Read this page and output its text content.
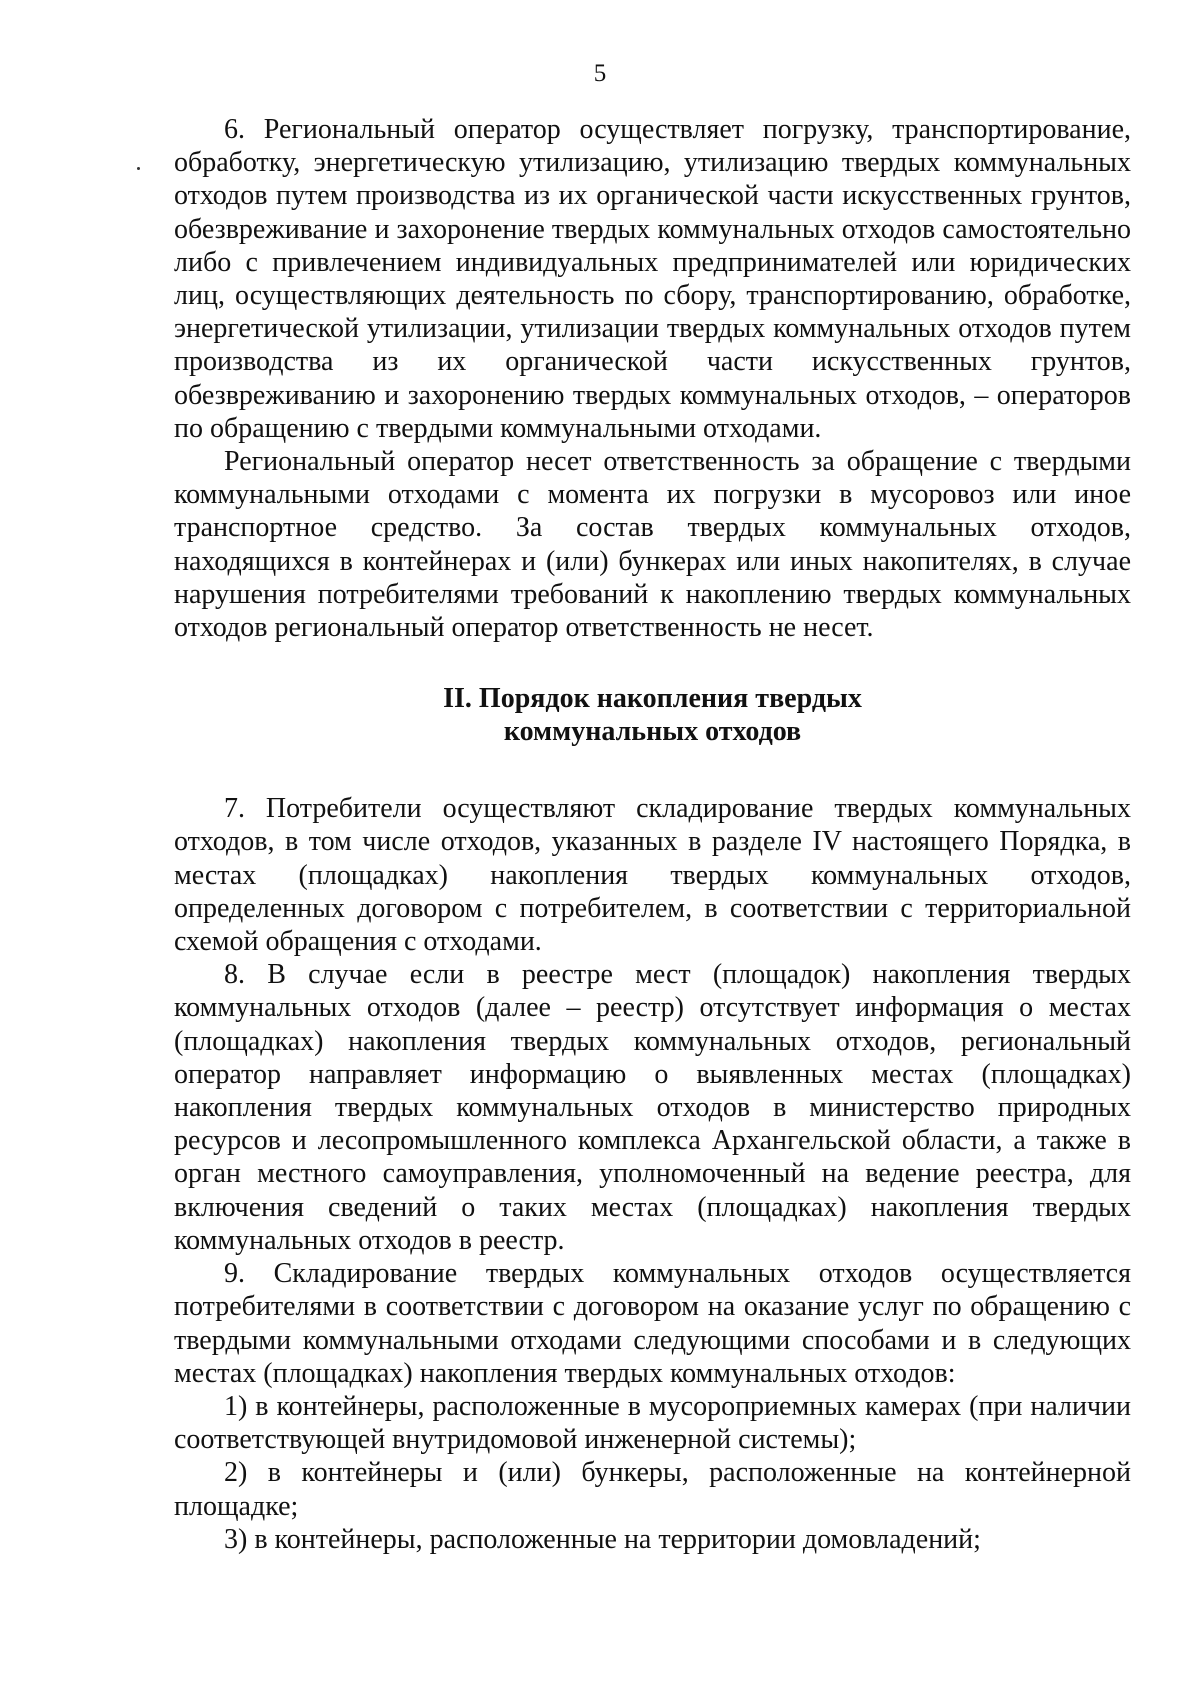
5

6. Региональный оператор осуществляет погрузку, транспортирование, обработку, энергетическую утилизацию, утилизацию твердых коммунальных отходов путем производства из их органической части искусственных грунтов, обезвреживание и захоронение твердых коммунальных отходов самостоятельно либо с привлечением индивидуальных предпринимателей или юридических лиц, осуществляющих деятельность по сбору, транспортированию, обработке, энергетической утилизации, утилизации твердых коммунальных отходов путем производства из их органической части искусственных грунтов, обезвреживанию и захоронению твердых коммунальных отходов, – операторов по обращению с твердыми коммунальными отходами.

Региональный оператор несет ответственность за обращение с твердыми коммунальными отходами с момента их погрузки в мусоровоз или иное транспортное средство. За состав твердых коммунальных отходов, находящихся в контейнерах и (или) бункерах или иных накопителях, в случае нарушения потребителями требований к накоплению твердых коммунальных отходов региональный оператор ответственность не несет.

II. Порядок накопления твердых
коммунальных отходов

7. Потребители осуществляют складирование твердых коммунальных отходов, в том числе отходов, указанных в разделе IV настоящего Порядка, в местах (площадках) накопления твердых коммунальных отходов, определенных договором с потребителем, в соответствии с территориальной схемой обращения с отходами.

8. В случае если в реестре мест (площадок) накопления твердых коммунальных отходов (далее – реестр) отсутствует информация о местах (площадках) накопления твердых коммунальных отходов, региональный оператор направляет информацию о выявленных местах (площадках) накопления твердых коммунальных отходов в министерство природных ресурсов и лесопромышленного комплекса Архангельской области, а также в орган местного самоуправления, уполномоченный на ведение реестра, для включения сведений о таких местах (площадках) накопления твердых коммунальных отходов в реестр.

9. Складирование твердых коммунальных отходов осуществляется потребителями в соответствии с договором на оказание услуг по обращению с твердыми коммунальными отходами следующими способами и в следующих местах (площадках) накопления твердых коммунальных отходов:

1) в контейнеры, расположенные в мусороприемных камерах (при наличии соответствующей внутридомовой инженерной системы);

2) в контейнеры и (или) бункеры, расположенные на контейнерной площадке;

3) в контейнеры, расположенные на территории домовладений;
